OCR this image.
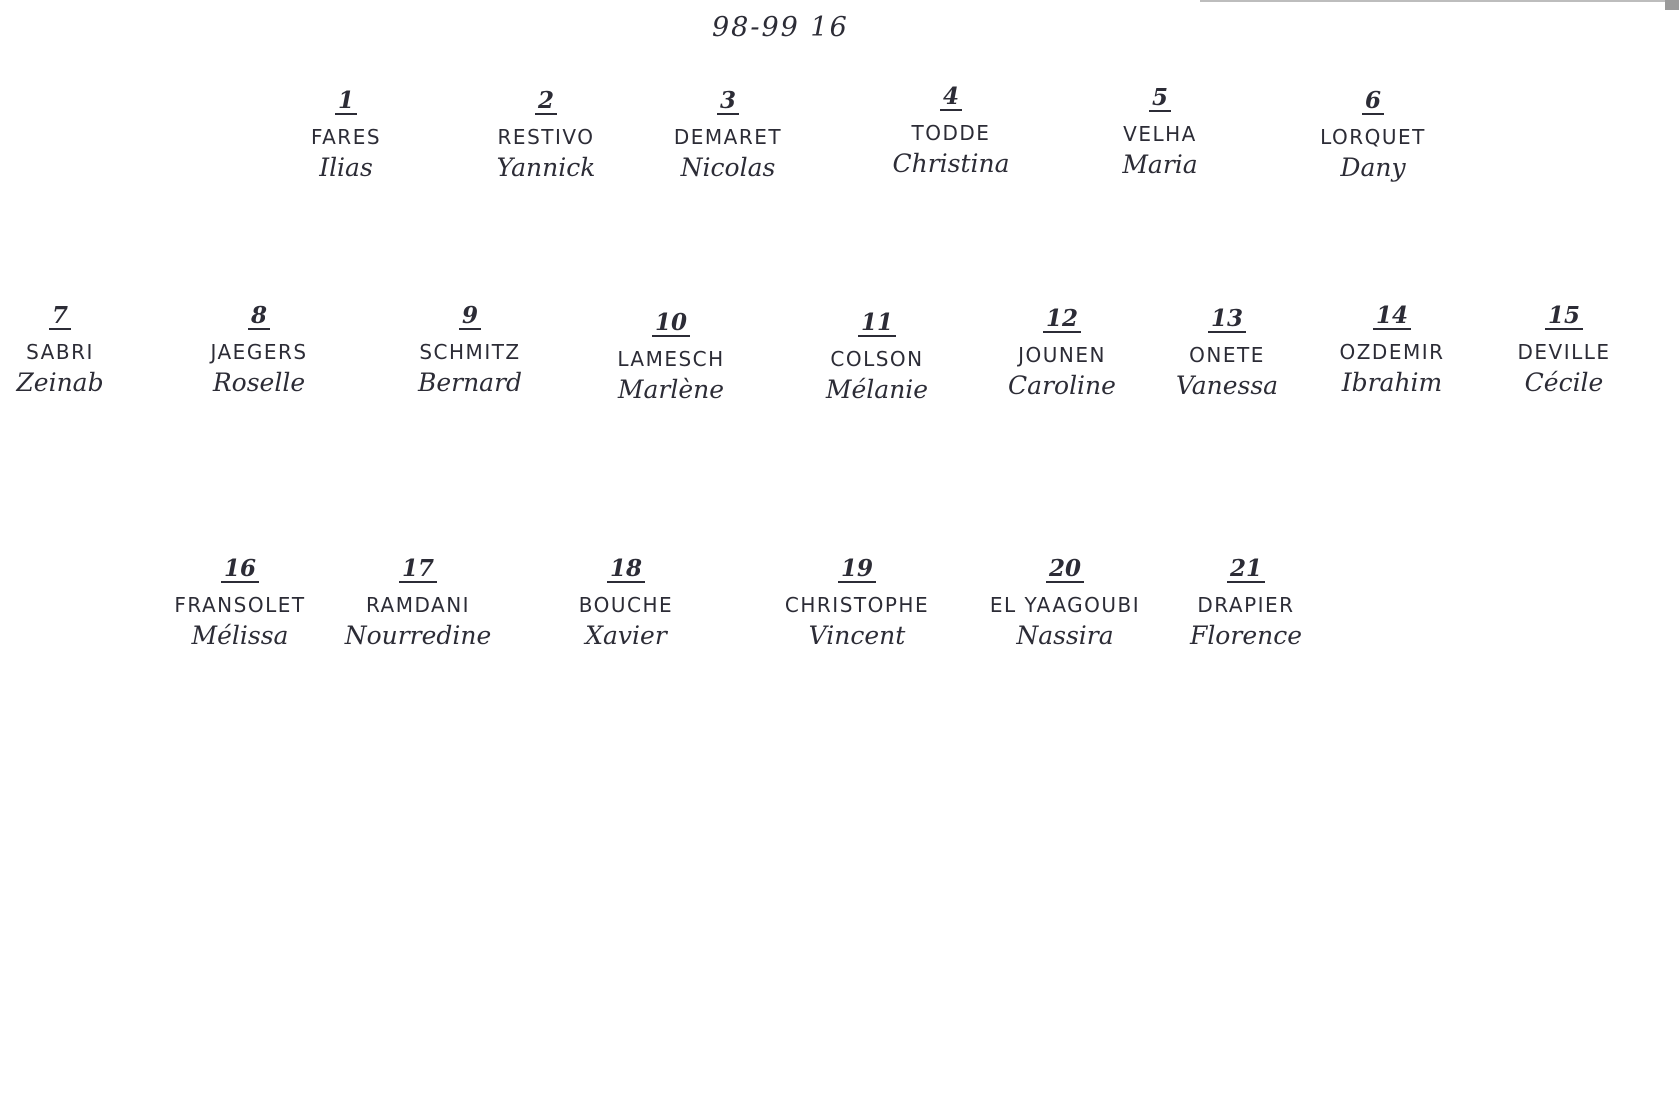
98-99 16
1
FARES
Ilias
2
RESTIVO
Yannick
3
DEMARET
Nicolas
4
TODDE
Christina
5
VELHA
Maria
6
LORQUET
Dany
7
SABRI
Zeinab
8
JAEGERS
Roselle
9
SCHMITZ
Bernard
10
LAMESCH
Marlène
11
COLSON
Mélanie
12
JOUNEN
Caroline
13
ONETE
Vanessa
14
OZDEMIR
Ibrahim
15
DEVILLE
Cécile
16
FRANSOLET
Mélissa
17
RAMDANI
Nourredine
18
BOUCHE
Xavier
19
CHRISTOPHE
Vincent
20
EL YAAGOUBI
Nassira
21
DRAPIER
Florence
